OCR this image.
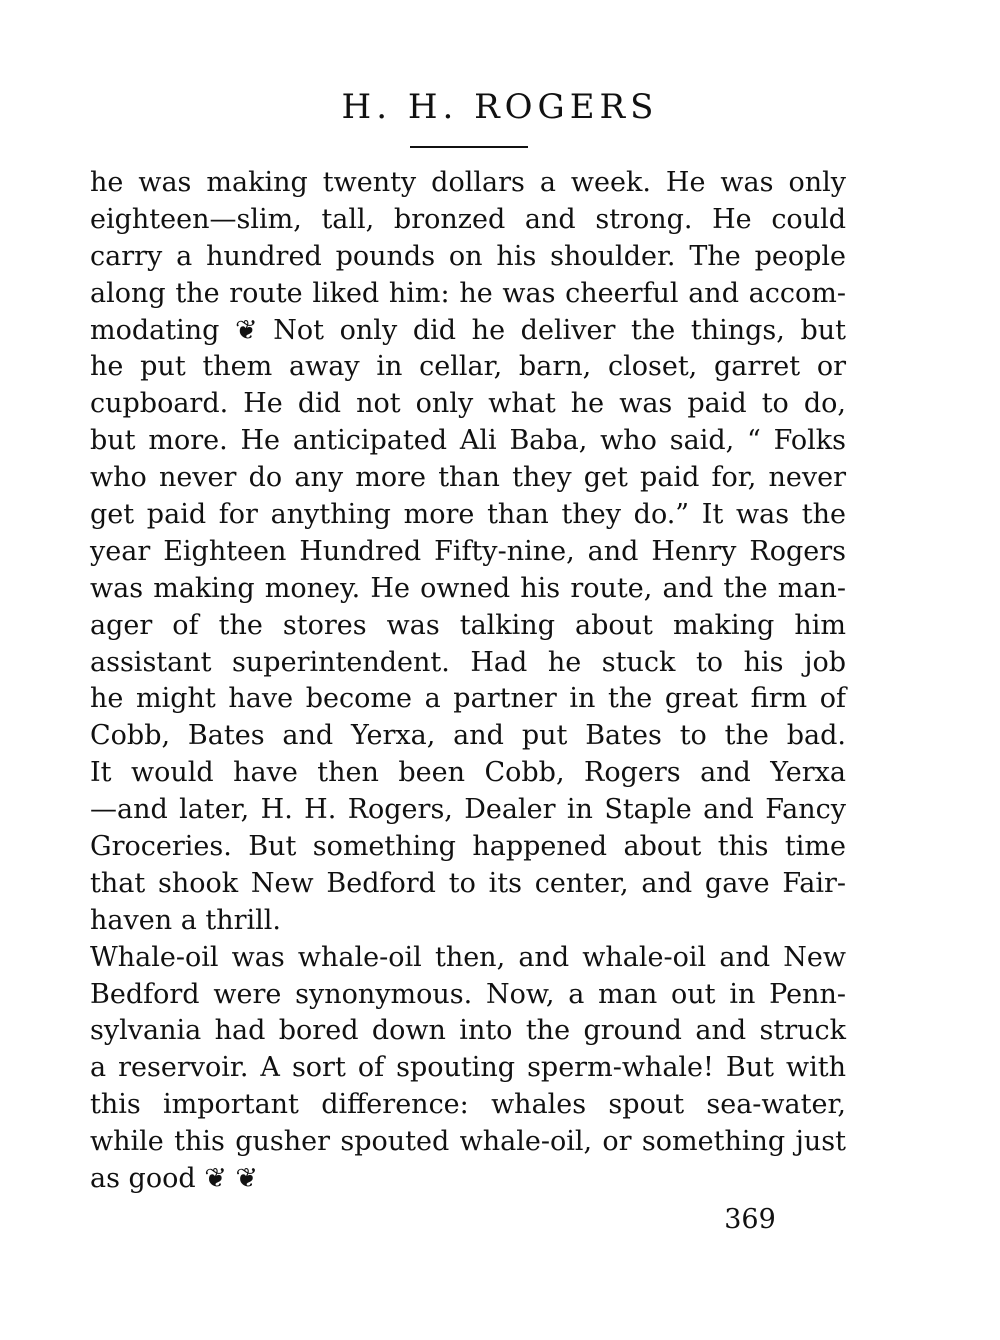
H. H. ROGERS
he was making twenty dollars a week. He was only
eighteen—slim, tall, bronzed and strong. He could
carry a hundred pounds on his shoulder. The people
along the route liked him: he was cheerful and accom-
modating ❦ Not only did he deliver the things, but
he put them away in cellar, barn, closet, garret or
cupboard. He did not only what he was paid to do,
but more. He anticipated Ali Baba, who said, “ Folks
who never do any more than they get paid for, never
get paid for anything more than they do.” It was the
year Eighteen Hundred Fifty-nine, and Henry Rogers
was making money. He owned his route, and the man-
ager of the stores was talking about making him
assistant superintendent. Had he stuck to his job
he might have become a partner in the great firm of
Cobb, Bates and Yerxa, and put Bates to the bad.
It would have then been Cobb, Rogers and Yerxa
—and later, H. H. Rogers, Dealer in Staple and Fancy
Groceries. But something happened about this time
that shook New Bedford to its center, and gave Fair-
haven a thrill.
Whale-oil was whale-oil then, and whale-oil and New
Bedford were synonymous. Now, a man out in Penn-
sylvania had bored down into the ground and struck
a reservoir. A sort of spouting sperm-whale! But with
this important difference: whales spout sea-water,
while this gusher spouted whale-oil, or something just
as good ❦ ❦
369
